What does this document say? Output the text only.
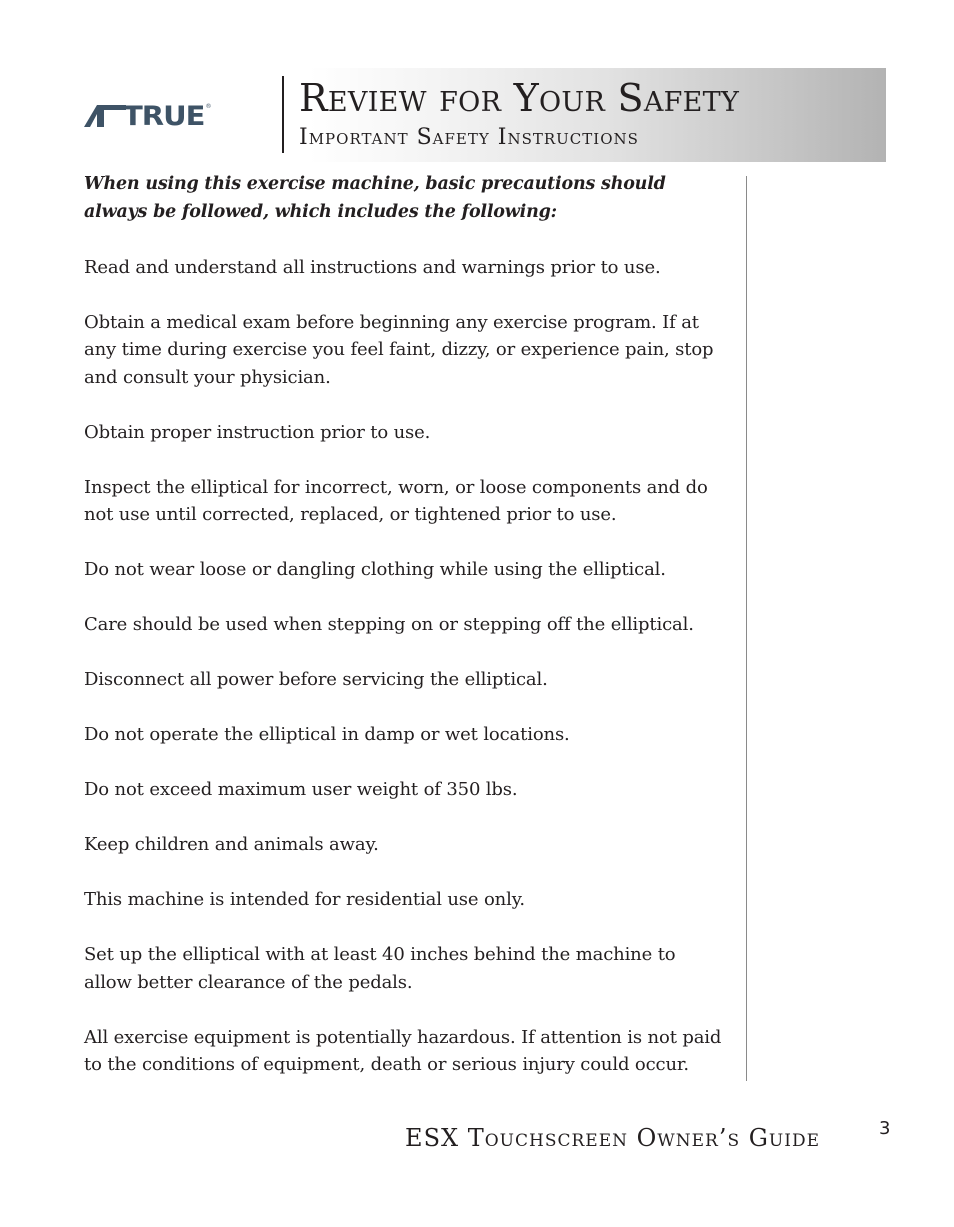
TRUE ® Review for Your Safety
Important Safety Instructions

When using this exercise machine, basic precautions should always be followed, which includes the following:

Read and understand all instructions and warnings prior to use.

Obtain a medical exam before beginning any exercise program. If at any time during exercise you feel faint, dizzy, or experience pain, stop and consult your physician.

Obtain proper instruction prior to use.

Inspect the elliptical for incorrect, worn, or loose components and do not use until corrected, replaced, or tightened prior to use.

Do not wear loose or dangling clothing while using the elliptical.

Care should be used when stepping on or stepping off the elliptical.

Disconnect all power before servicing the elliptical.

Do not operate the elliptical in damp or wet locations.

Do not exceed maximum user weight of 350 lbs.

Keep children and animals away.

This machine is intended for residential use only.

Set up the elliptical with at least 40 inches behind the machine to allow better clearance of the pedals.

All exercise equipment is potentially hazardous. If attention is not paid to the conditions of equipment, death or serious injury could occur.

ESX Touchscreen Owner’s Guide	3
